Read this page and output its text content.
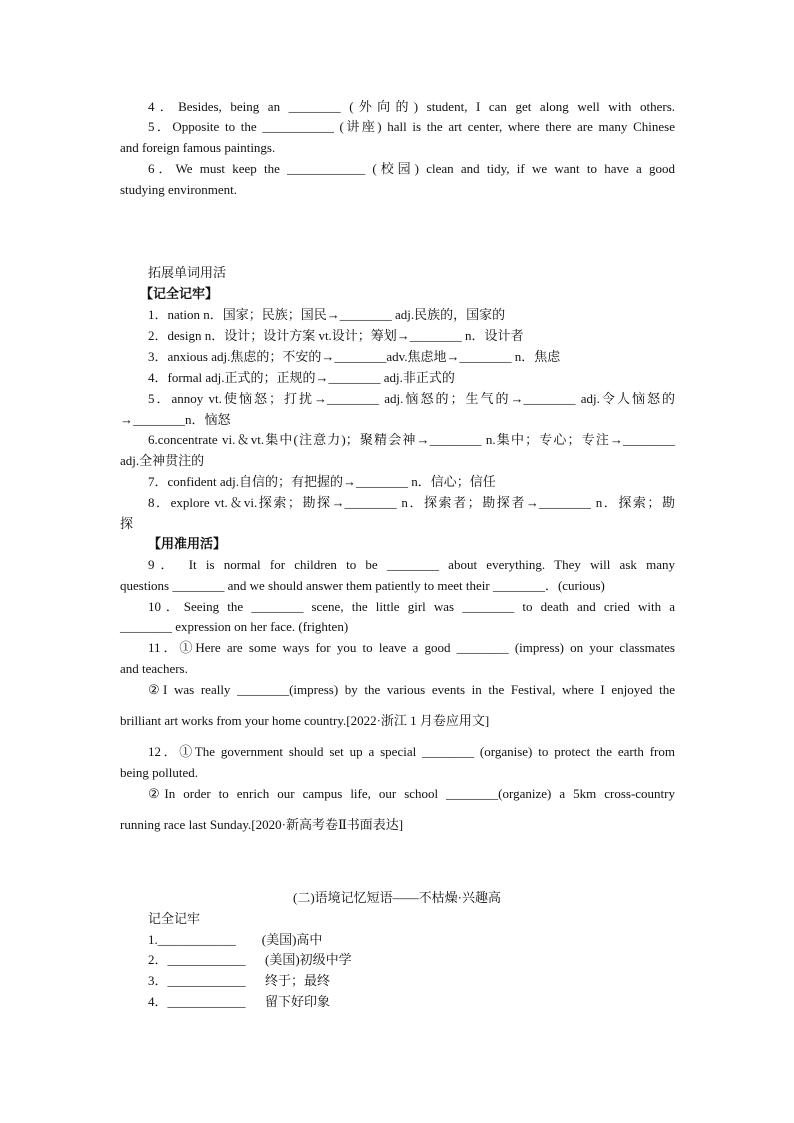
4．Besides, being an ________ (外向的) student, I can get along well with others.
5．Opposite to the ___________ (讲座) hall is the art center, where there are many Chinese
and foreign famous paintings.
6．We must keep the ____________ (校园) clean and tidy, if we want to have a good
studying environment.
拓展单词用活
【记全记牢】
1．nation n．国家；民族；国民→________ adj.民族的，国家的
2．design n．设计；设计方案 vt.设计；筹划→________ n．设计者
3．anxious adj.焦虑的；不安的→________adv.焦虑地→________ n．焦虑
4．formal adj.正式的；正规的→________ adj.非正式的
5．annoy vt.使恼怒；打扰→________ adj.恼怒的；生气的→________ adj.令人恼怒的
→________n．恼怒
6.concentrate vi.＆vt.集中(注意力)；聚精会神→________ n.集中；专心；专注→________
adj.全神贯注的
7．confident adj.自信的；有把握的→________ n．信心；信任
8．explore vt.＆vi.探索；勘探→________ n．探索者；勘探者→________ n．探索；勘
探
【用准用活】
9． It is normal for children to be ________ about everything. They will ask many
questions ________ and we should answer them patiently to meet their ________．(curious)
10．Seeing the ________ scene, the little girl was ________ to death and cried with a
________ expression on her face. (frighten)
11．①Here are some ways for you to leave a good ________ (impress) on your classmates
and teachers.
②I was really ________(impress) by the various events in the Festival, where I enjoyed the
brilliant art works from your home country.[2022·浙江 1 月卷应用文]
12．①The government should set up a special ________ (organise) to protect the earth from
being polluted.
②In order to enrich our campus life, our school ________(organize) a 5km cross-country
running race last Sunday.[2020·新高考卷Ⅱ书面表达]
(二)语境记忆短语——不枯燥·兴趣高
记全记牢
1.____________        (美国)高中
2．____________      (美国)初级中学
3．____________      终于；最终
4．____________      留下好印象
